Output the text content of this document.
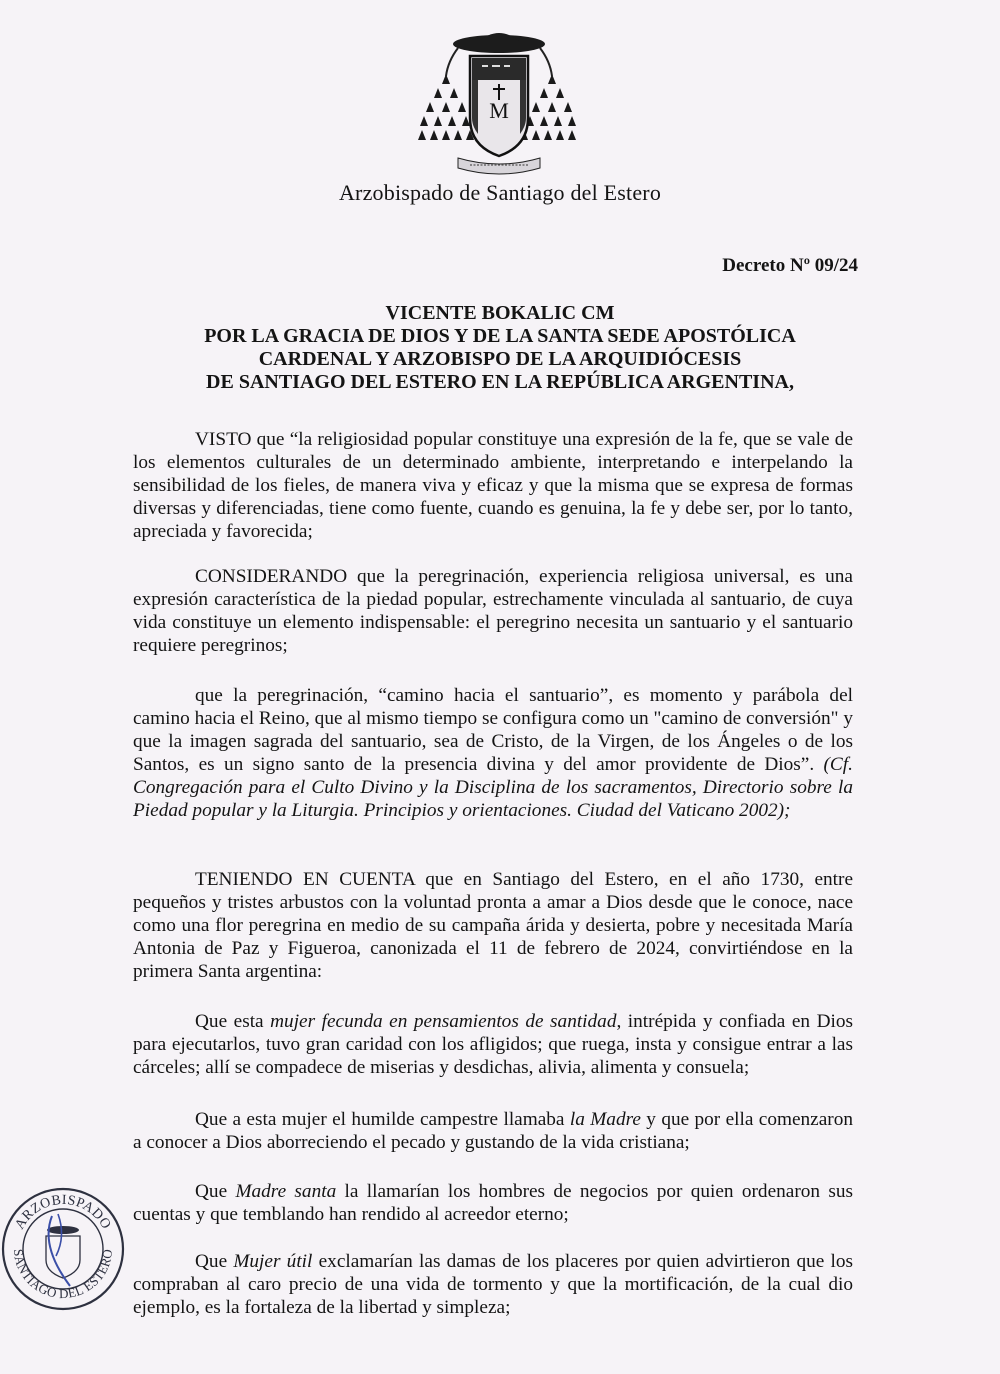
M
Arzobispado de Santiago del Estero
Decreto Nº 09/24
VICENTE BOKALIC CM
POR LA GRACIA DE DIOS Y DE LA SANTA SEDE APOSTÓLICA
CARDENAL Y ARZOBISPO DE LA ARQUIDIÓCESIS
DE SANTIAGO DEL ESTERO EN LA REPÚBLICA ARGENTINA,

VISTO que “la religiosidad popular constituye una expresión de la fe, que se vale de los elementos culturales de un determinado ambiente, interpretando e interpelando la sensibilidad de los fieles, de manera viva y eficaz y que la misma que se expresa de formas diversas y diferenciadas, tiene como fuente, cuando es genuina, la fe y debe ser, por lo tanto, apreciada y favorecida;

CONSIDERANDO que la peregrinación, experiencia religiosa universal, es una expresión característica de la piedad popular, estrechamente vinculada al santuario, de cuya vida constituye un elemento indispensable: el peregrino necesita un santuario y el santuario requiere peregrinos;

que la peregrinación, “camino hacia el santuario”, es momento y parábola del camino hacia el Reino, que al mismo tiempo se configura como un "camino de conversión" y que la imagen sagrada del santuario, sea de Cristo, de la Virgen, de los Ángeles o de los Santos, es un signo santo de la presencia divina y del amor providente de Dios”. (Cf. Congregación para el Culto Divino y la Disciplina de los sacramentos, Directorio sobre la Piedad popular y la Liturgia. Principios y orientaciones. Ciudad del Vaticano 2002);

TENIENDO EN CUENTA que en Santiago del Estero, en el año 1730, entre pequeños y tristes arbustos con la voluntad pronta a amar a Dios desde que le conoce, nace como una flor peregrina en medio de su campaña árida y desierta, pobre y necesitada María Antonia de Paz y Figueroa, canonizada el 11 de febrero de 2024, convirtiéndose en la primera Santa argentina:

Que esta mujer fecunda en pensamientos de santidad, intrépida y confiada en Dios para ejecutarlos, tuvo gran caridad con los afligidos; que ruega, insta y consigue entrar a las cárceles; allí se compadece de miserias y desdichas, alivia, alimenta y consuela;

Que a esta mujer el humilde campestre llamaba la Madre y que por ella comenzaron a conocer a Dios aborreciendo el pecado y gustando de la vida cristiana;

Que Madre santa la llamarían los hombres de negocios por quien ordenaron sus cuentas y que temblando han rendido al acreedor eterno;

Que Mujer útil exclamarían las damas de los placeres por quien advirtieron que los compraban al caro precio de una vida de tormento y que la mortificación, de la cual dio ejemplo, es la fortaleza de la libertad y simpleza;

ARZOBISPADO
SANTIAGO DEL ESTERO
